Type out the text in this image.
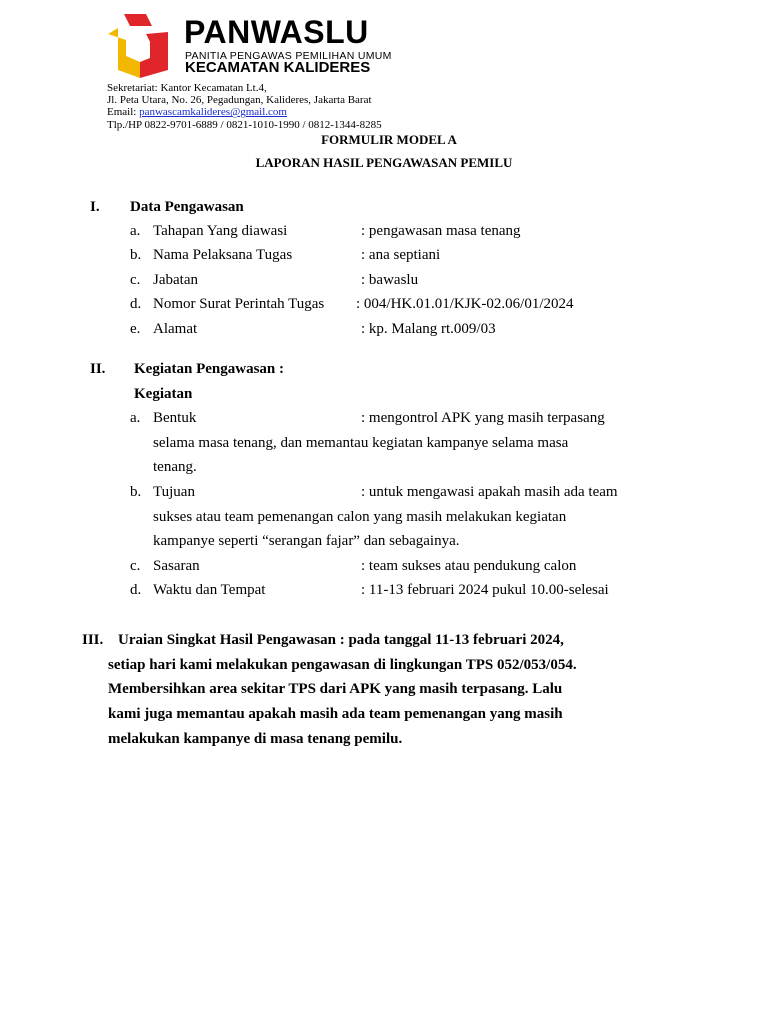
PANWASLU
PANITIA PENGAWAS PEMILIHAN UMUM
KECAMATAN KALIDERES
Sekretariat: Kantor Kecamatan Lt.4,
Jl. Peta Utara, No. 26, Pegadungan, Kalideres, Jakarta Barat
Email: panwascamkalideres@gmail.com
Tlp./HP 0822-9701-6889 / 0821-1010-1990 / 0812-1344-8285
FORMULIR MODEL A
LAPORAN HASIL PENGAWASAN PEMILU
I. Data Pengawasan
a. Tahapan Yang diawasi	: pengawasan masa tenang
b. Nama Pelaksana Tugas	: ana septiani
c. Jabatan	: bawaslu
d. Nomor Surat Perintah Tugas : 004/HK.01.01/KJK-02.06/01/2024
e. Alamat	: kp. Malang rt.009/03
II. Kegiatan Pengawasan :
Kegiatan
a. Bentuk	: mengontrol APK yang masih terpasang
selama masa tenang, dan memantau kegiatan kampanye selama masa
tenang.
b. Tujuan	: untuk mengawasi apakah masih ada team
sukses atau team pemenangan calon yang masih melakukan kegiatan
kampanye seperti “serangan fajar” dan sebagainya.
c. Sasaran	: team sukses atau pendukung calon
d. Waktu dan Tempat	: 11-13 februari 2024 pukul 10.00-selesai
III. Uraian Singkat Hasil Pengawasan : pada tanggal 11-13 februari 2024,
setiap hari kami melakukan pengawasan di lingkungan TPS 052/053/054.
Membersihkan area sekitar TPS dari APK yang masih terpasang. Lalu
kami juga memantau apakah masih ada team pemenangan yang masih
melakukan kampanye di masa tenang pemilu.
